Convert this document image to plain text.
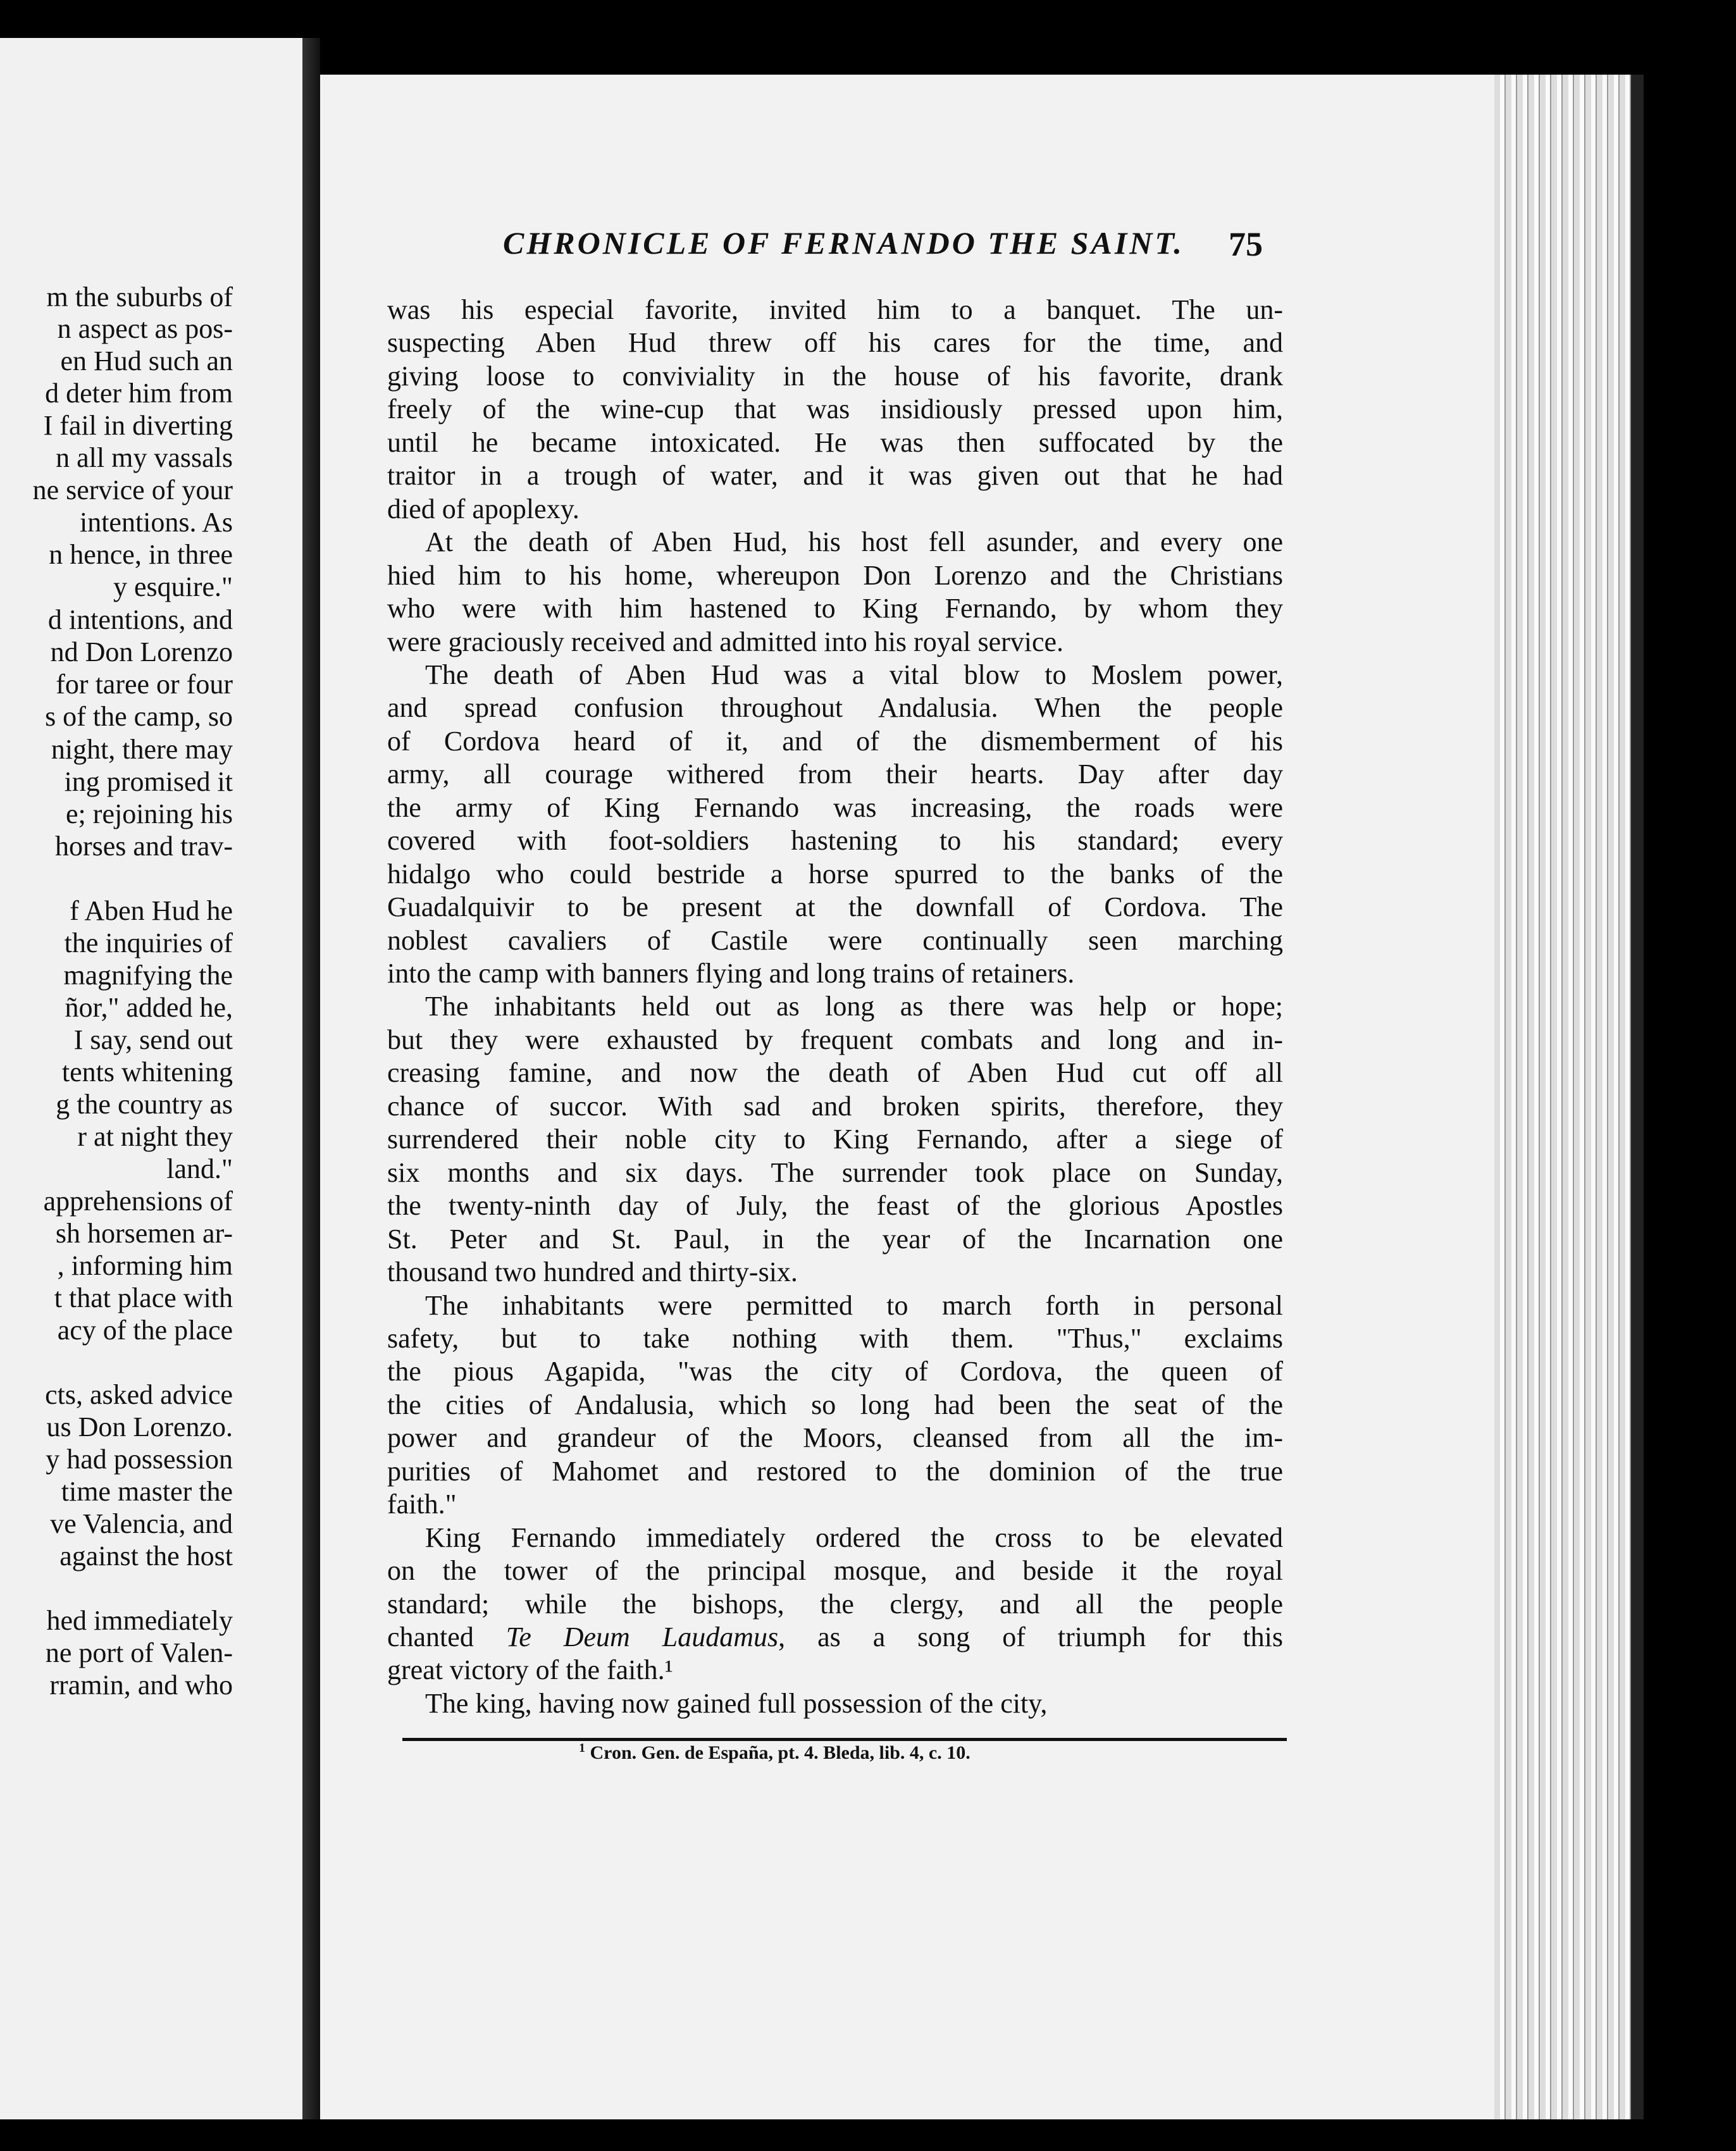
m the suburbs of
n aspect as pos-
en Hud such an
d deter him from
I fail in diverting
n all my vassals
ne service of your
intentions. As
n hence, in three
y esquire."
d intentions, and
nd Don Lorenzo
for taree or four
s of the camp, so
night, there may
ing promised it
e; rejoining his
horses and trav-
f Aben Hud he
the inquiries of
magnifying the
ñor," added he,
I say, send out
tents whitening
g the country as
r at night they
land."
apprehensions of
sh horsemen ar-
, informing him
t that place with
acy of the place
cts, asked advice
us Don Lorenzo.
y had possession
time master the
ve Valencia, and
against the host
hed immediately
ne port of Valen-
rramin, and who
CHRONICLE OF FERNANDO THE SAINT. 75
was his especial favorite, invited him to a banquet. The un-
suspecting Aben Hud threw off his cares for the time, and
giving loose to conviviality in the house of his favorite, drank
freely of the wine-cup that was insidiously pressed upon him,
until he became intoxicated. He was then suffocated by the
traitor in a trough of water, and it was given out that he had
died of apoplexy.
At the death of Aben Hud, his host fell asunder, and every one
hied him to his home, whereupon Don Lorenzo and the Christians
who were with him hastened to King Fernando, by whom they
were graciously received and admitted into his royal service.
The death of Aben Hud was a vital blow to Moslem power,
and spread confusion throughout Andalusia. When the people
of Cordova heard of it, and of the dismemberment of his
army, all courage withered from their hearts. Day after day
the army of King Fernando was increasing, the roads were
covered with foot-soldiers hastening to his standard; every
hidalgo who could bestride a horse spurred to the banks of the
Guadalquivir to be present at the downfall of Cordova. The
noblest cavaliers of Castile were continually seen marching
into the camp with banners flying and long trains of retainers.
The inhabitants held out as long as there was help or hope;
but they were exhausted by frequent combats and long and in-
creasing famine, and now the death of Aben Hud cut off all
chance of succor. With sad and broken spirits, therefore, they
surrendered their noble city to King Fernando, after a siege of
six months and six days. The surrender took place on Sunday,
the twenty-ninth day of July, the feast of the glorious Apostles
St. Peter and St. Paul, in the year of the Incarnation one
thousand two hundred and thirty-six.
The inhabitants were permitted to march forth in personal
safety, but to take nothing with them. "Thus," exclaims
the pious Agapida, "was the city of Cordova, the queen of
the cities of Andalusia, which so long had been the seat of the
power and grandeur of the Moors, cleansed from all the im-
purities of Mahomet and restored to the dominion of the true
faith."
King Fernando immediately ordered the cross to be elevated
on the tower of the principal mosque, and beside it the royal
standard; while the bishops, the clergy, and all the people
chanted Te Deum Laudamus, as a song of triumph for this
great victory of the faith.¹
The king, having now gained full possession of the city,
$^1$ Cron. Gen. de España, pt. 4. Bleda, lib. 4, c. 10.
